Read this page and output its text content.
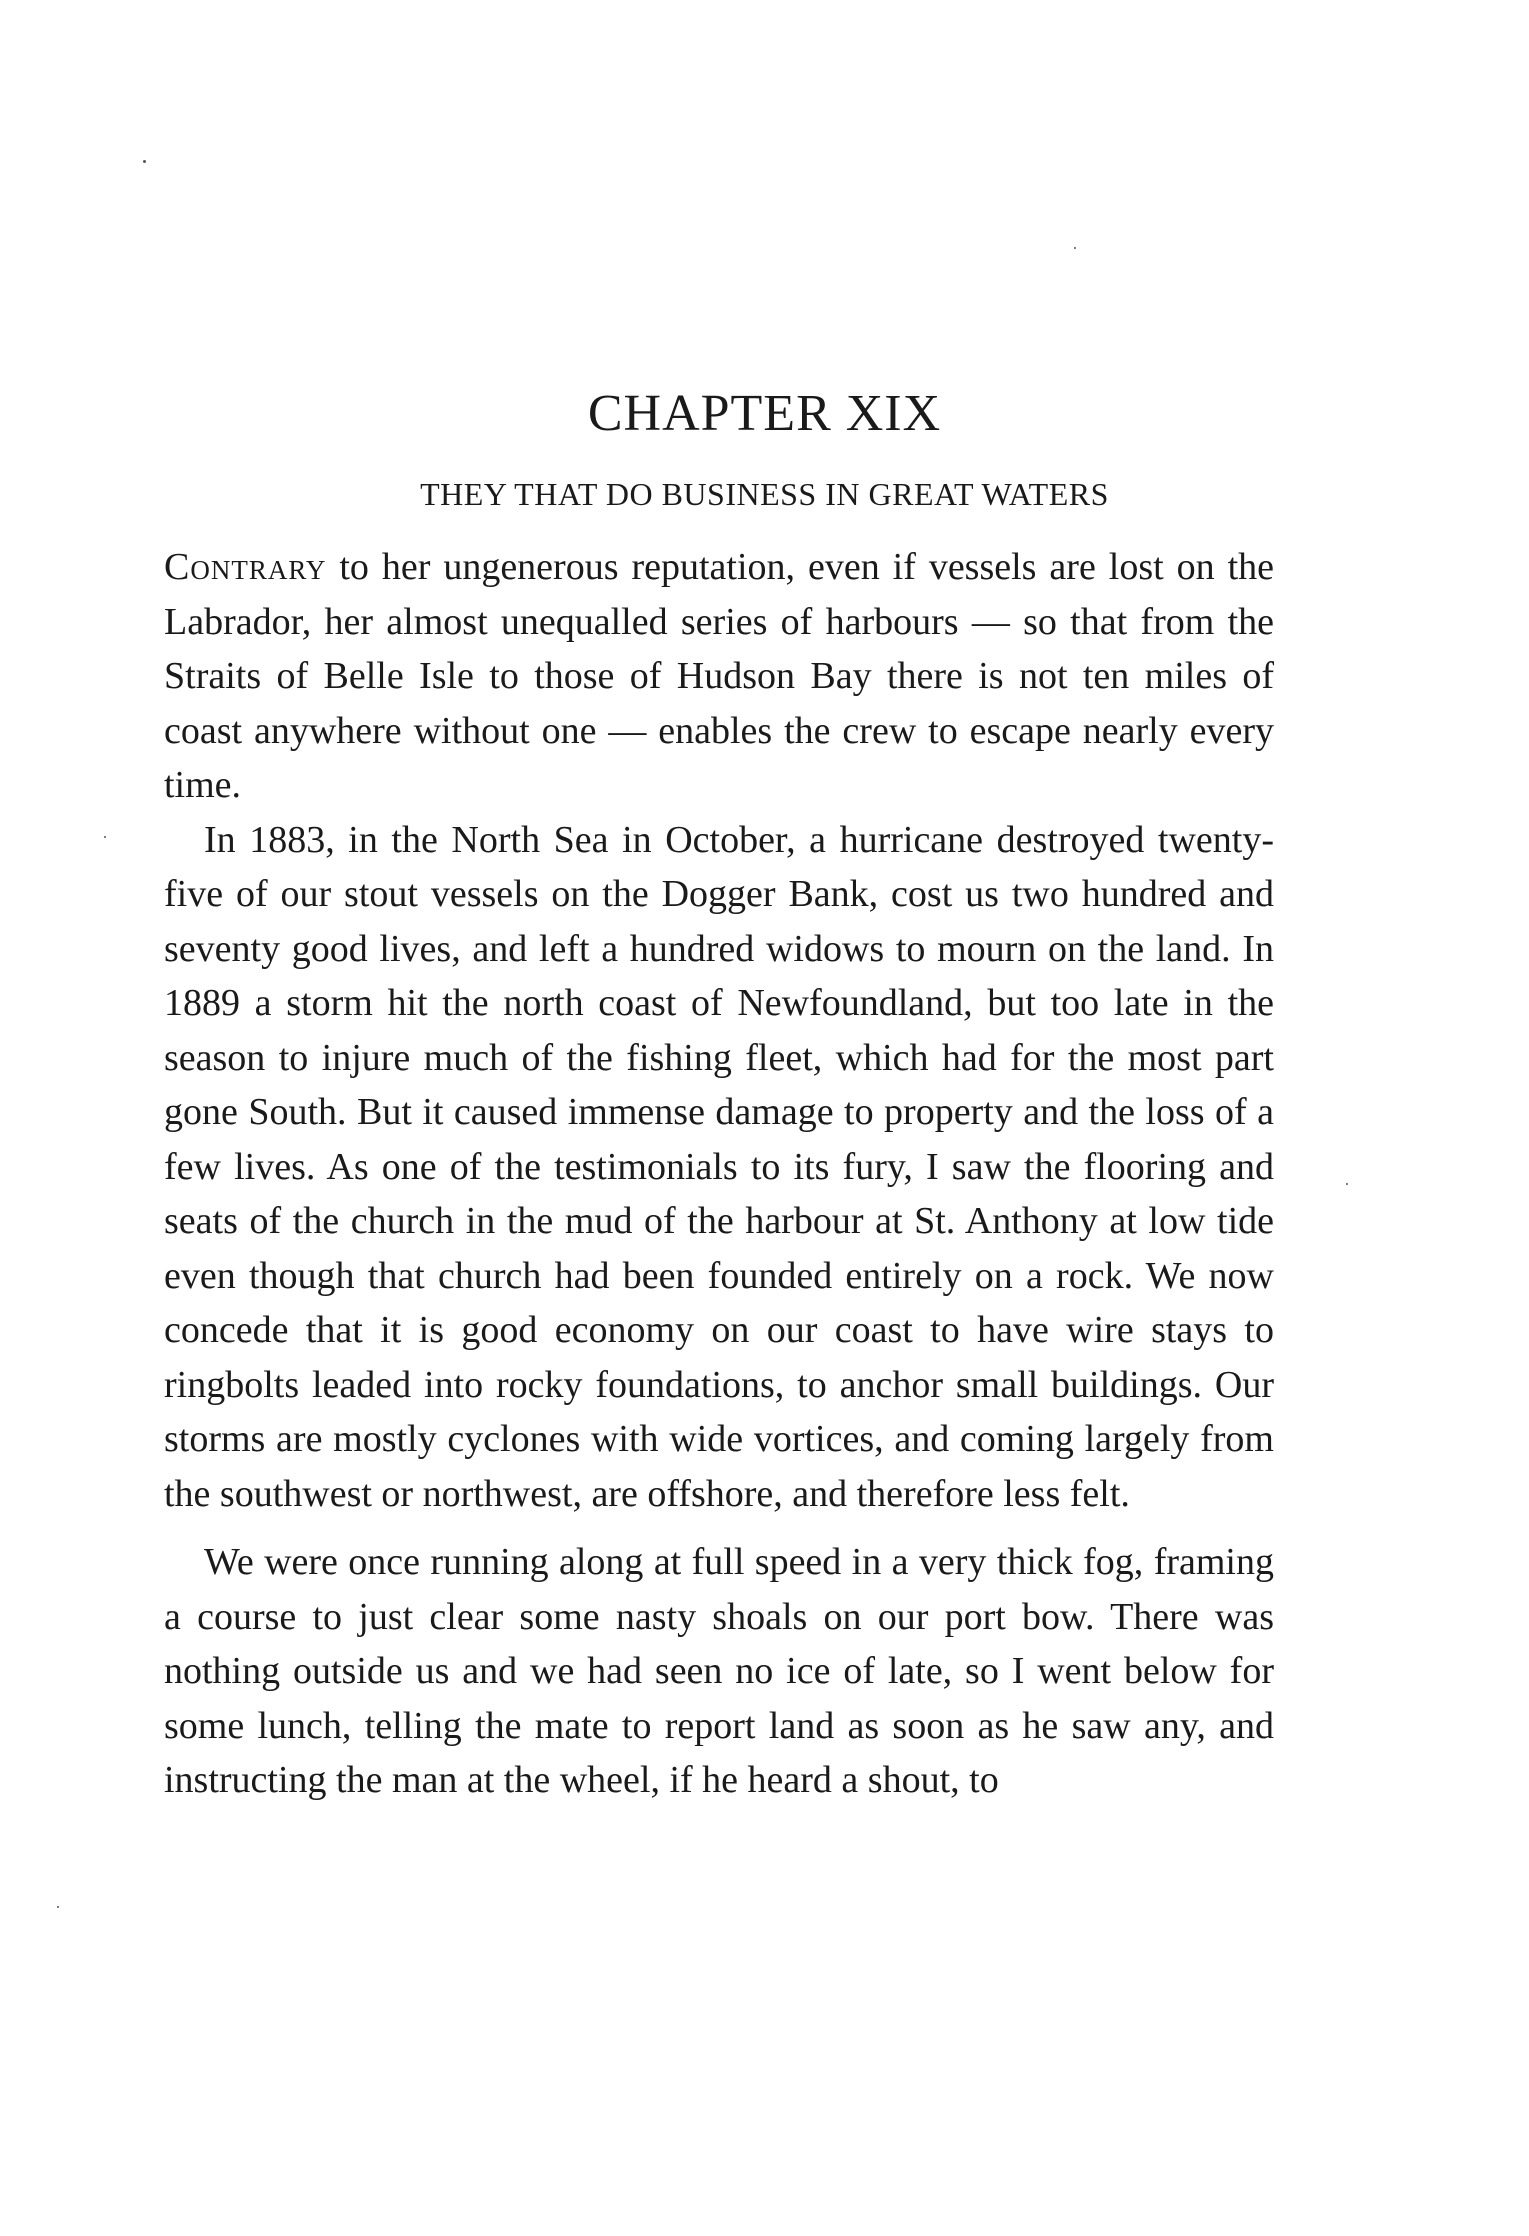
CHAPTER XIX
THEY THAT DO BUSINESS IN GREAT WATERS

Contrary to her ungenerous reputation, even if vessels are lost on the Labrador, her almost unequalled series of harbours — so that from the Straits of Belle Isle to those of Hudson Bay there is not ten miles of coast anywhere without one — enables the crew to escape nearly every time.

In 1883, in the North Sea in October, a hurricane destroyed twenty-five of our stout vessels on the Dogger Bank, cost us two hundred and seventy good lives, and left a hundred widows to mourn on the land. In 1889 a storm hit the north coast of Newfoundland, but too late in the season to injure much of the fishing fleet, which had for the most part gone South. But it caused immense damage to property and the loss of a few lives. As one of the testimonials to its fury, I saw the flooring and seats of the church in the mud of the harbour at St. Anthony at low tide even though that church had been founded entirely on a rock. We now concede that it is good economy on our coast to have wire stays to ringbolts leaded into rocky foundations, to anchor small buildings. Our storms are mostly cyclones with wide vortices, and coming largely from the southwest or northwest, are offshore, and therefore less felt.

We were once running along at full speed in a very thick fog, framing a course to just clear some nasty shoals on our port bow. There was nothing outside us and we had seen no ice of late, so I went below for some lunch, telling the mate to report land as soon as he saw any, and instructing the man at the wheel, if he heard a shout, to
